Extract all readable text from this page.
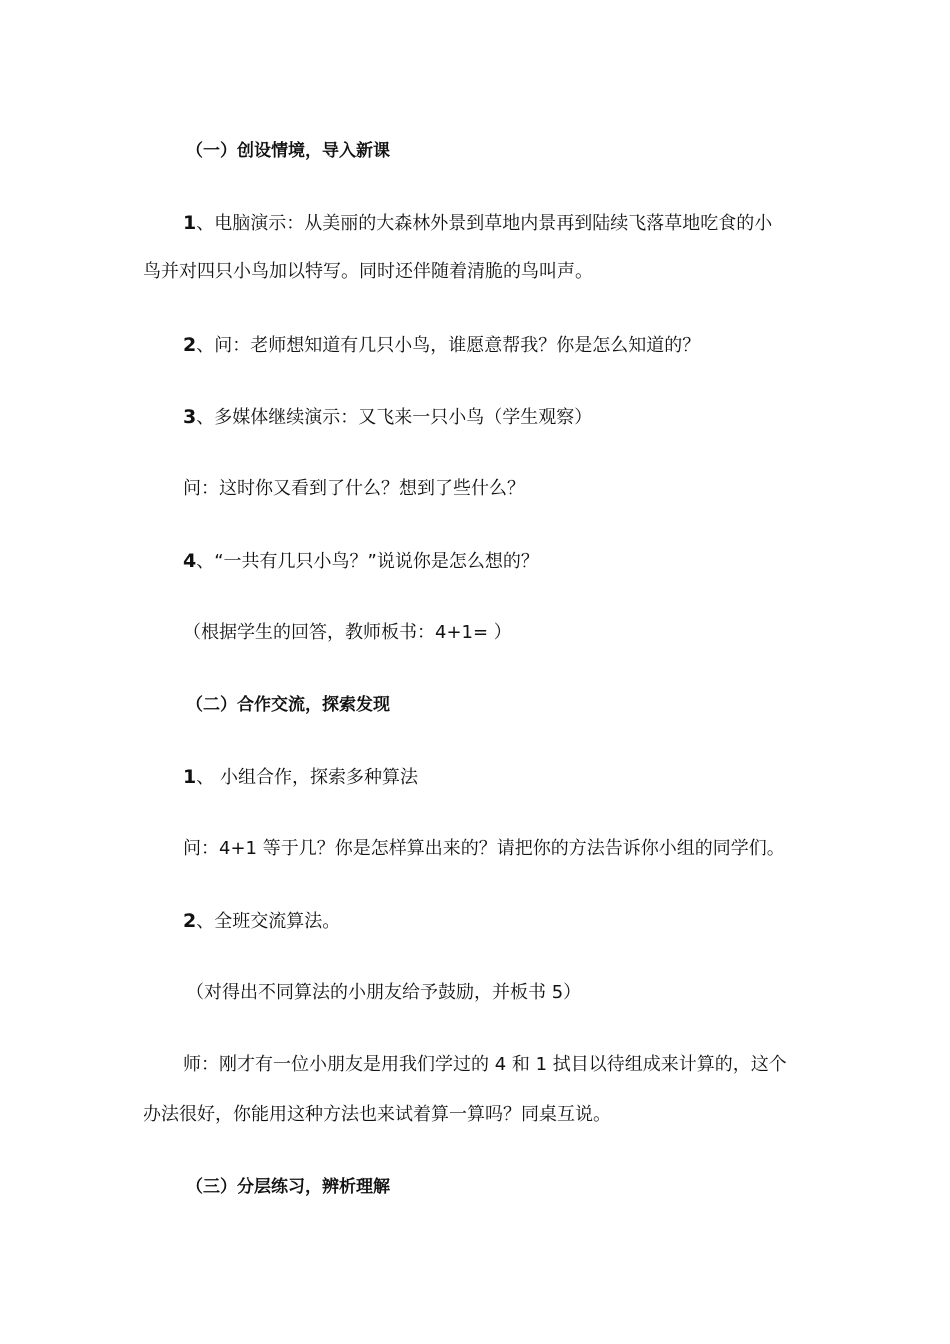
（一）创设情境，导入新课
1、电脑演示：从美丽的大森林外景到草地内景再到陆续飞落草地吃食的小
鸟并对四只小鸟加以特写。同时还伴随着清脆的鸟叫声。
2、问：老师想知道有几只小鸟，谁愿意帮我？你是怎么知道的？
3、多媒体继续演示：又飞来一只小鸟（学生观察）
问：这时你又看到了什么？想到了些什么？
4、“一共有几只小鸟？”说说你是怎么想的？
（根据学生的回答，教师板书：4+1= ）
（二）合作交流，探索发现
1、 小组合作，探索多种算法
问：4+1 等于几？你是怎样算出来的？请把你的方法告诉你小组的同学们。
2、全班交流算法。
（对得出不同算法的小朋友给予鼓励，并板书 5）
师：刚才有一位小朋友是用我们学过的 4 和 1 拭目以待组成来计算的，这个
办法很好，你能用这种方法也来试着算一算吗？同桌互说。
（三）分层练习，辨析理解
